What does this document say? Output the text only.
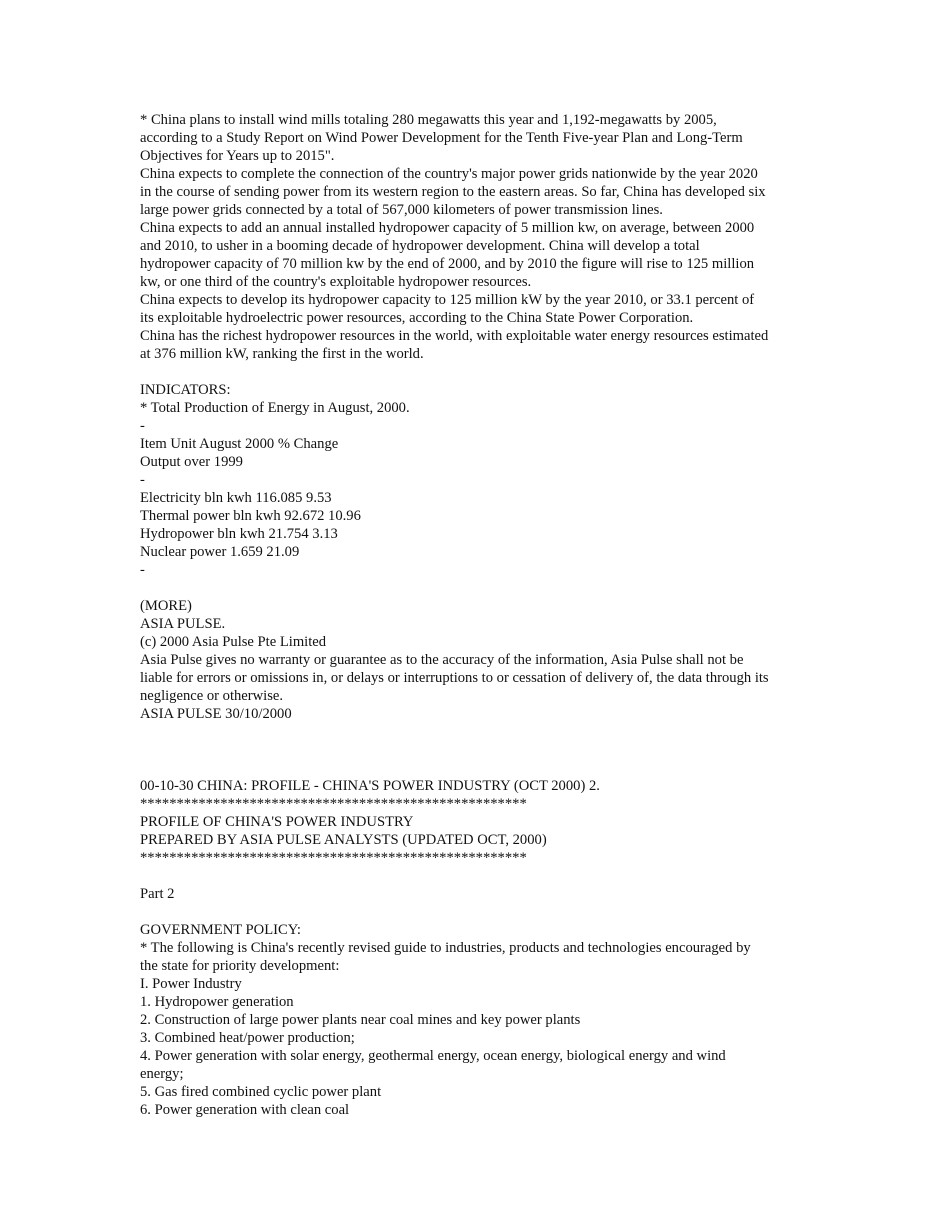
* China plans to install wind mills totaling 280 megawatts this year and 1,192-megawatts by 2005,
according to a Study Report on Wind Power Development for the Tenth Five-year Plan and Long-Term
Objectives for Years up to 2015".
China expects to complete the connection of the country's major power grids nationwide by the year 2020
in the course of sending power from its western region to the eastern areas. So far, China has developed six
large power grids connected by a total of 567,000 kilometers of power transmission lines.
China expects to add an annual installed hydropower capacity of 5 million kw, on average, between 2000
and 2010, to usher in a booming decade of hydropower development. China will develop a total
hydropower capacity of 70 million kw by the end of 2000, and by 2010 the figure will rise to 125 million
kw, or one third of the country's exploitable hydropower resources.
China expects to develop its hydropower capacity to 125 million kW by the year 2010, or 33.1 percent of
its exploitable hydroelectric power resources, according to the China State Power Corporation.
China has the richest hydropower resources in the world, with exploitable water energy resources estimated
at 376 million kW, ranking the first in the world.
INDICATORS:
* Total Production of Energy in August, 2000.
-
Item Unit August 2000 % Change
Output over 1999
-
Electricity bln kwh 116.085 9.53
Thermal power bln kwh 92.672 10.96
Hydropower bln kwh 21.754 3.13
Nuclear power 1.659 21.09
-
(MORE)
ASIA PULSE.
(c) 2000 Asia Pulse Pte Limited
Asia Pulse gives no warranty or guarantee as to the accuracy of the information, Asia Pulse shall not be
liable for errors or omissions in, or delays or interruptions to or cessation of delivery of, the data through its
negligence or otherwise.
ASIA PULSE 30/10/2000
00-10-30 CHINA: PROFILE - CHINA'S POWER INDUSTRY (OCT 2000) 2.
*****************************************************
PROFILE OF CHINA'S POWER INDUSTRY
PREPARED BY ASIA PULSE ANALYSTS (UPDATED OCT, 2000)
*****************************************************
Part 2
GOVERNMENT POLICY:
* The following is China's recently revised guide to industries, products and technologies encouraged by
the state for priority development:
I. Power Industry
1. Hydropower generation
2. Construction of large power plants near coal mines and key power plants
3. Combined heat/power production;
4. Power generation with solar energy, geothermal energy, ocean energy, biological energy and wind
energy;
5. Gas fired combined cyclic power plant
6. Power generation with clean coal
